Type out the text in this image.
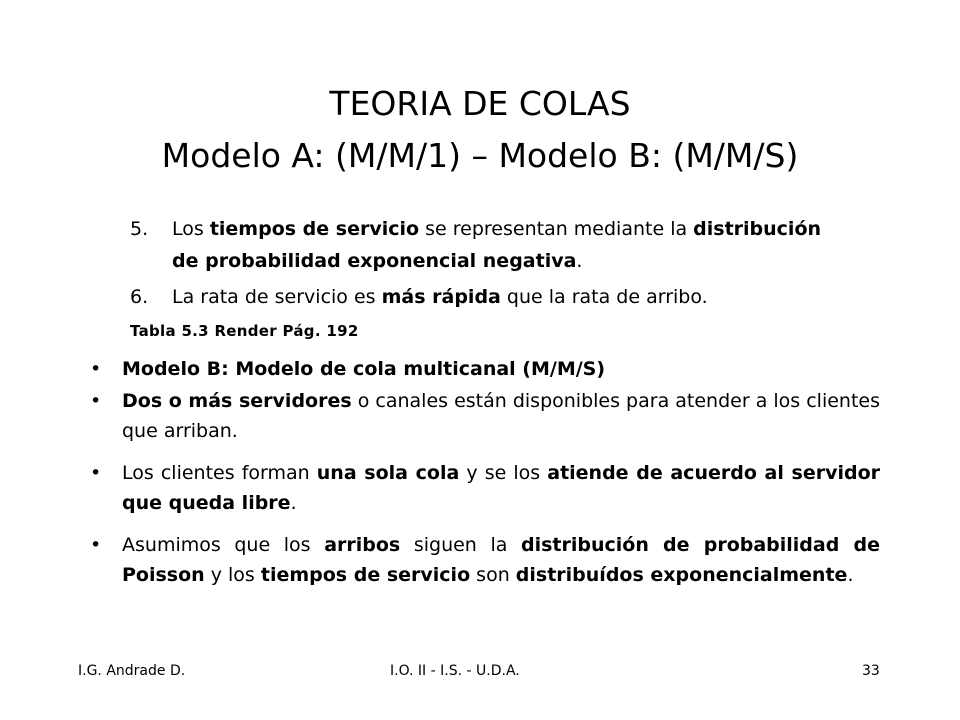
TEORIA DE COLAS
Modelo A: (M/M/1) – Modelo B: (M/M/S)
5. Los tiempos de servicio se representan mediante la distribución de probabilidad exponencial negativa.
6. La rata de servicio es más rápida que la rata de arribo.
Tabla 5.3 Render Pág. 192
• Modelo B: Modelo de cola multicanal (M/M/S)
• Dos o más servidores o canales están disponibles para atender a los clientes que arriban.
• Los clientes forman una sola cola y se los atiende de acuerdo al servidor que queda libre.
• Asumimos que los arribos siguen la distribución de probabilidad de Poisson y los tiempos de servicio son distribuídos exponencialmente.
I.G. Andrade D.	I.O. II - I.S. - U.D.A.	33
